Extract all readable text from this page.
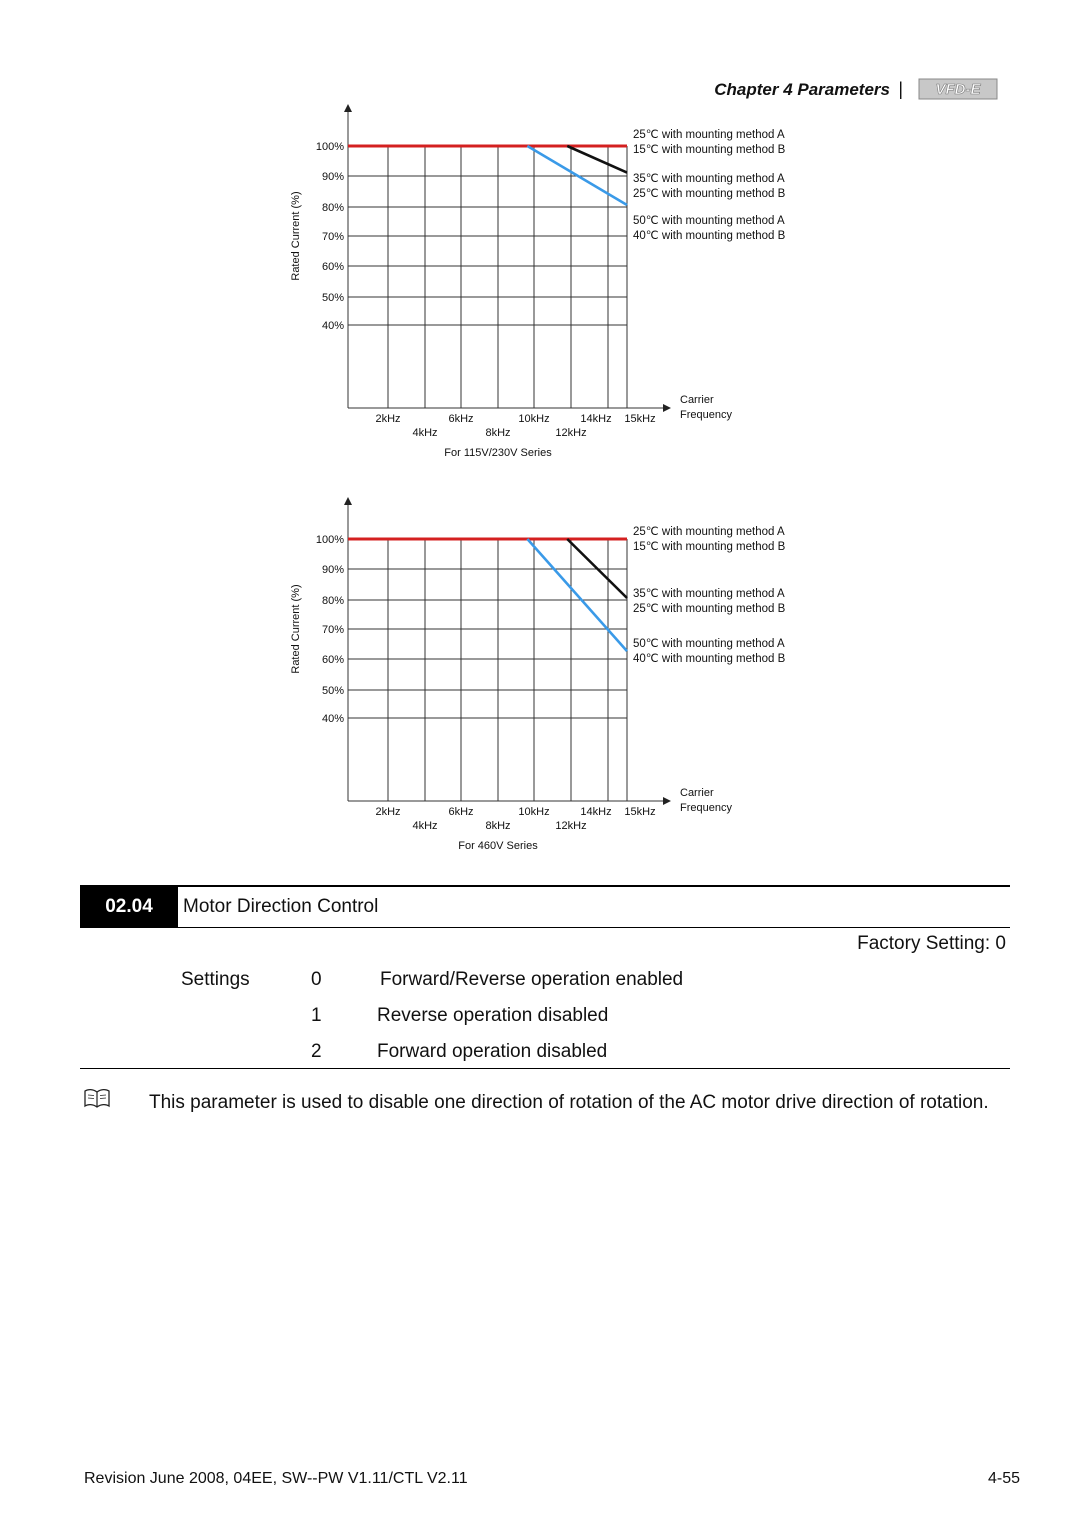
Chapter 4 Parameters | VFD-E
100%
90%
80%
70%
60%
50%
40%
Rated Current (%)
2kHz	6kHz	10kHz	14kHz 15kHz
4kHz	8kHz	12kHz
Carrier
Frequency
For 115V/230V Series
25℃ with mounting method A
15℃ with mounting method B
35℃ with mounting method A
25℃ with mounting method B
50℃ with mounting method A
40℃ with mounting method B
100%
90%
80%
70%
60%
50%
40%
Rated Current (%)
2kHz	6kHz	10kHz	14kHz 15kHz
4kHz	8kHz	12kHz
Carrier
Frequency
For 460V Series
25℃ with mounting method A
15℃ with mounting method B
35℃ with mounting method A
25℃ with mounting method B
50℃ with mounting method A
40℃ with mounting method B
02.04	Motor Direction Control
Factory Setting: 0
Settings	0	Forward/Reverse operation enabled
1	Reverse operation disabled
2	Forward operation disabled
This parameter is used to disable one direction of rotation of the AC motor drive direction of rotation.
Revision June 2008, 04EE, SW--PW V1.11/CTL V2.11	4-55
